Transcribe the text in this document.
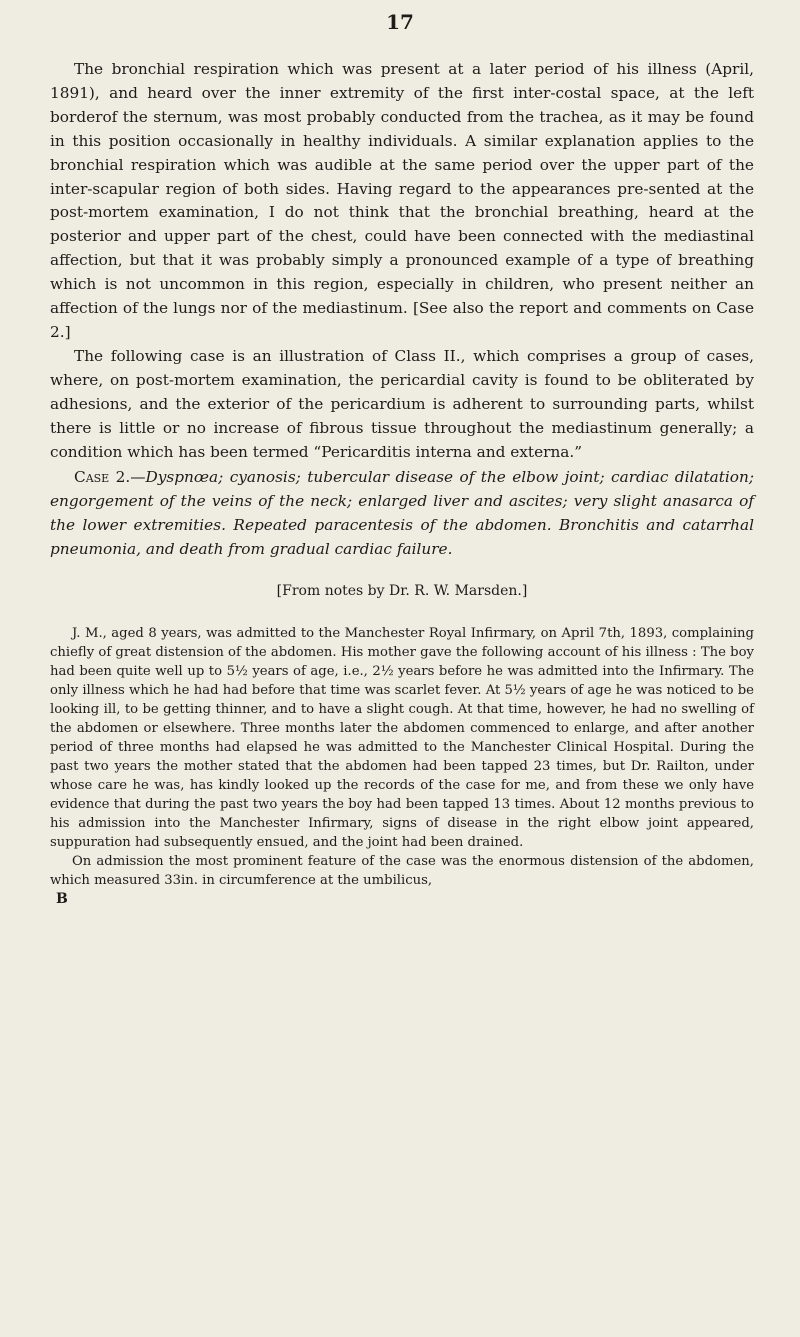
17

The bronchial respiration which was present at a later period of his illness (April, 1891), and heard over the inner extremity of the first inter-costal space, at the left borderof the sternum, was most probably conducted from the trachea, as it may be found in this position occasionally in healthy individuals. A similar explanation applies to the bronchial respiration which was audible at the same period over the upper part of the inter-scapular region of both sides. Having regard to the appearances pre-sented at the post-mortem examination, I do not think that the bronchial breathing, heard at the posterior and upper part of the chest, could have been connected with the mediastinal affection, but that it was probably simply a pronounced example of a type of breathing which is not uncommon in this region, especially in children, who present neither an affection of the lungs nor of the mediastinum. [See also the report and comments on Case 2.]

The following case is an illustration of Class II., which comprises a group of cases, where, on post-mortem examination, the pericardial cavity is found to be obliterated by adhesions, and the exterior of the pericardium is adherent to surrounding parts, whilst there is little or no increase of fibrous tissue throughout the mediastinum generally; a condition which has been termed “Pericarditis interna and externa.”

Case 2.—Dyspnœa; cyanosis; tubercular disease of the elbow joint; cardiac dilatation; engorgement of the veins of the neck; enlarged liver and ascites; very slight anasarca of the lower extremities. Repeated paracentesis of the abdomen. Bronchitis and catarrhal pneumonia, and death from gradual cardiac failure.

[From notes by Dr. R. W. Marsden.]

J. M., aged 8 years, was admitted to the Manchester Royal Infirmary, on April 7th, 1893, complaining chiefly of great distension of the abdomen. His mother gave the following account of his illness : The boy had been quite well up to 5½ years of age, i.e., 2½ years before he was admitted into the Infirmary. The only illness which he had had before that time was scarlet fever. At 5½ years of age he was noticed to be looking ill, to be getting thinner, and to have a slight cough. At that time, however, he had no swelling of the abdomen or elsewhere. Three months later the abdomen commenced to enlarge, and after another period of three months had elapsed he was admitted to the Manchester Clinical Hospital. During the past two years the mother stated that the abdomen had been tapped 23 times, but Dr. Railton, under whose care he was, has kindly looked up the records of the case for me, and from these we only have evidence that during the past two years the boy had been tapped 13 times. About 12 months previous to his admission into the Manchester Infirmary, signs of disease in the right elbow joint appeared, suppuration had subsequently ensued, and the joint had been drained.

On admission the most prominent feature of the case was the enormous distension of the abdomen, which measured 33in. in circumference at the umbilicus,

B
